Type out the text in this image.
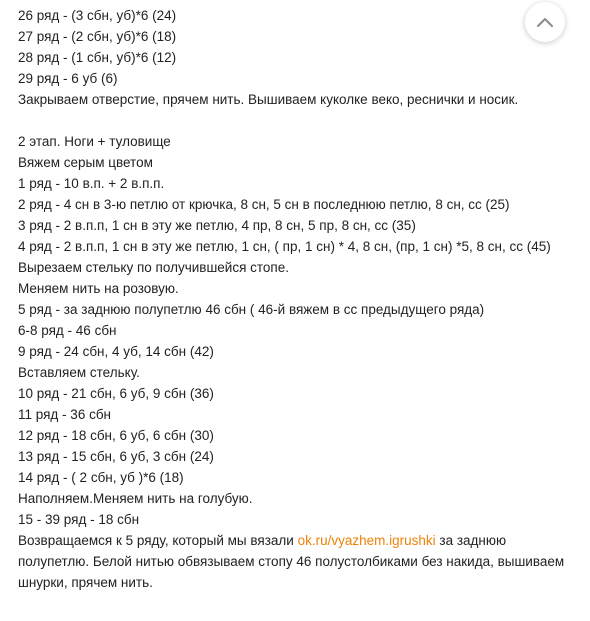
26 ряд - (3 сбн, уб)*6 (24)
27 ряд - (2 сбн, уб)*6 (18)
28 ряд - (1 сбн, уб)*6 (12)
29 ряд - 6 уб (6)
Закрываем отверстие, прячем нить. Вышиваем куколке веко, реснички и носик.
2 этап. Ноги + туловище
Вяжем серым цветом
1 ряд - 10 в.п. + 2 в.п.п.
2 ряд - 4 сн в 3-ю петлю от крючка, 8 сн, 5 сн в последнюю петлю, 8 сн, сс (25)
3 ряд - 2 в.п.п, 1 сн в эту же петлю, 4 пр, 8 сн, 5 пр, 8 сн, сс (35)
4 ряд - 2 в.п.п, 1 сн в эту же петлю, 1 сн, ( пр, 1 сн) * 4, 8 сн, (пр, 1 сн) *5, 8 сн, сс (45)
Вырезаем стельку по получившейся стопе.
Меняем нить на розовую.
5 ряд - за заднюю полупетлю 46 сбн ( 46-й вяжем в сс предыдущего ряда)
6-8 ряд - 46 сбн
9 ряд - 24 сбн, 4 уб, 14 сбн (42)
Вставляем стельку.
10 ряд - 21 сбн, 6 уб, 9 сбн (36)
11 ряд - 36 сбн
12 ряд - 18 сбн, 6 уб, 6 сбн (30)
13 ряд - 15 сбн, 6 уб, 3 сбн (24)
14 ряд - ( 2 сбн, уб )*6 (18)
Наполняем.Меняем нить на голубую.
15 - 39 ряд - 18 сбн
Возвращаемся к 5 ряду, который мы вязали ok.ru/vyazhem.igrushki за заднюю полупетлю. Белой нитью обвязываем стопу 46 полустолбиками без накида, вышиваем шнурки, прячем нить.
